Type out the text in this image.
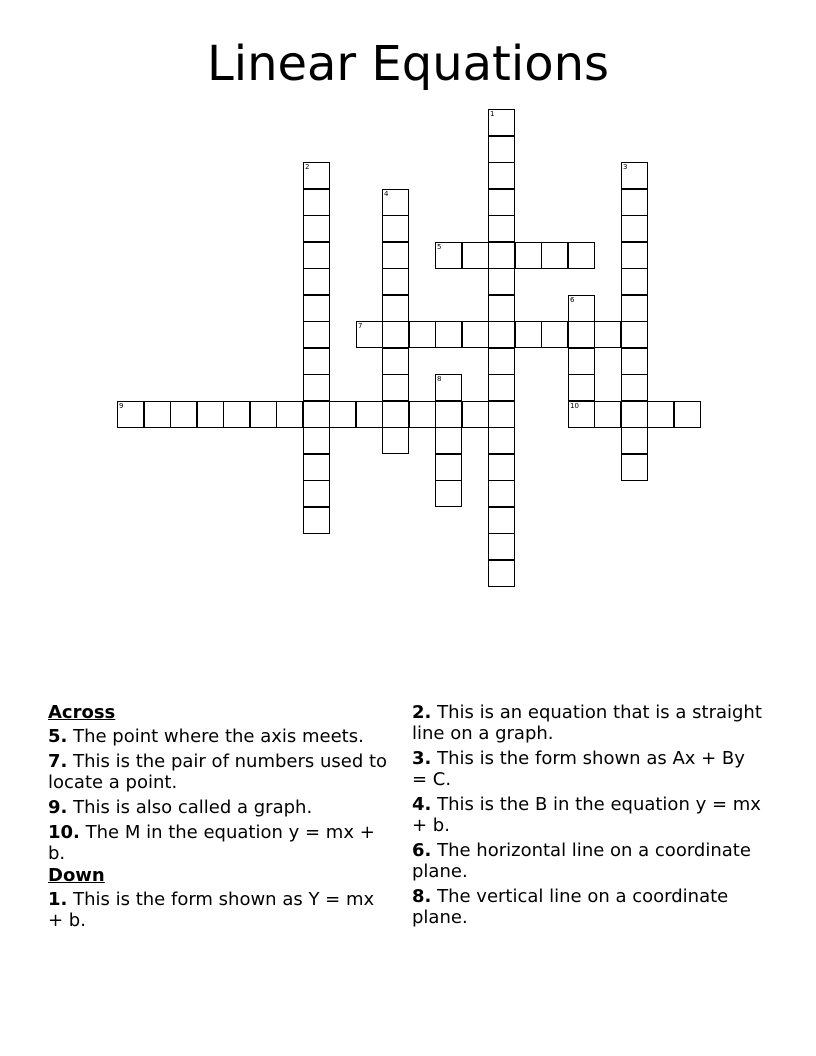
Linear Equations
1
2	3
4
5
6
7
8
9	10
Across
5. The point where the axis meets.
7. This is the pair of numbers used to locate a point.
9. This is also called a graph.
10. The M in the equation y = mx + b.
Down
1. This is the form shown as Y = mx + b.
2. This is an equation that is a straight line on a graph.
3. This is the form shown as Ax + By = C.
4. This is the B in the equation y = mx + b.
6. The horizontal line on a coordinate plane.
8. The vertical line on a coordinate plane.
